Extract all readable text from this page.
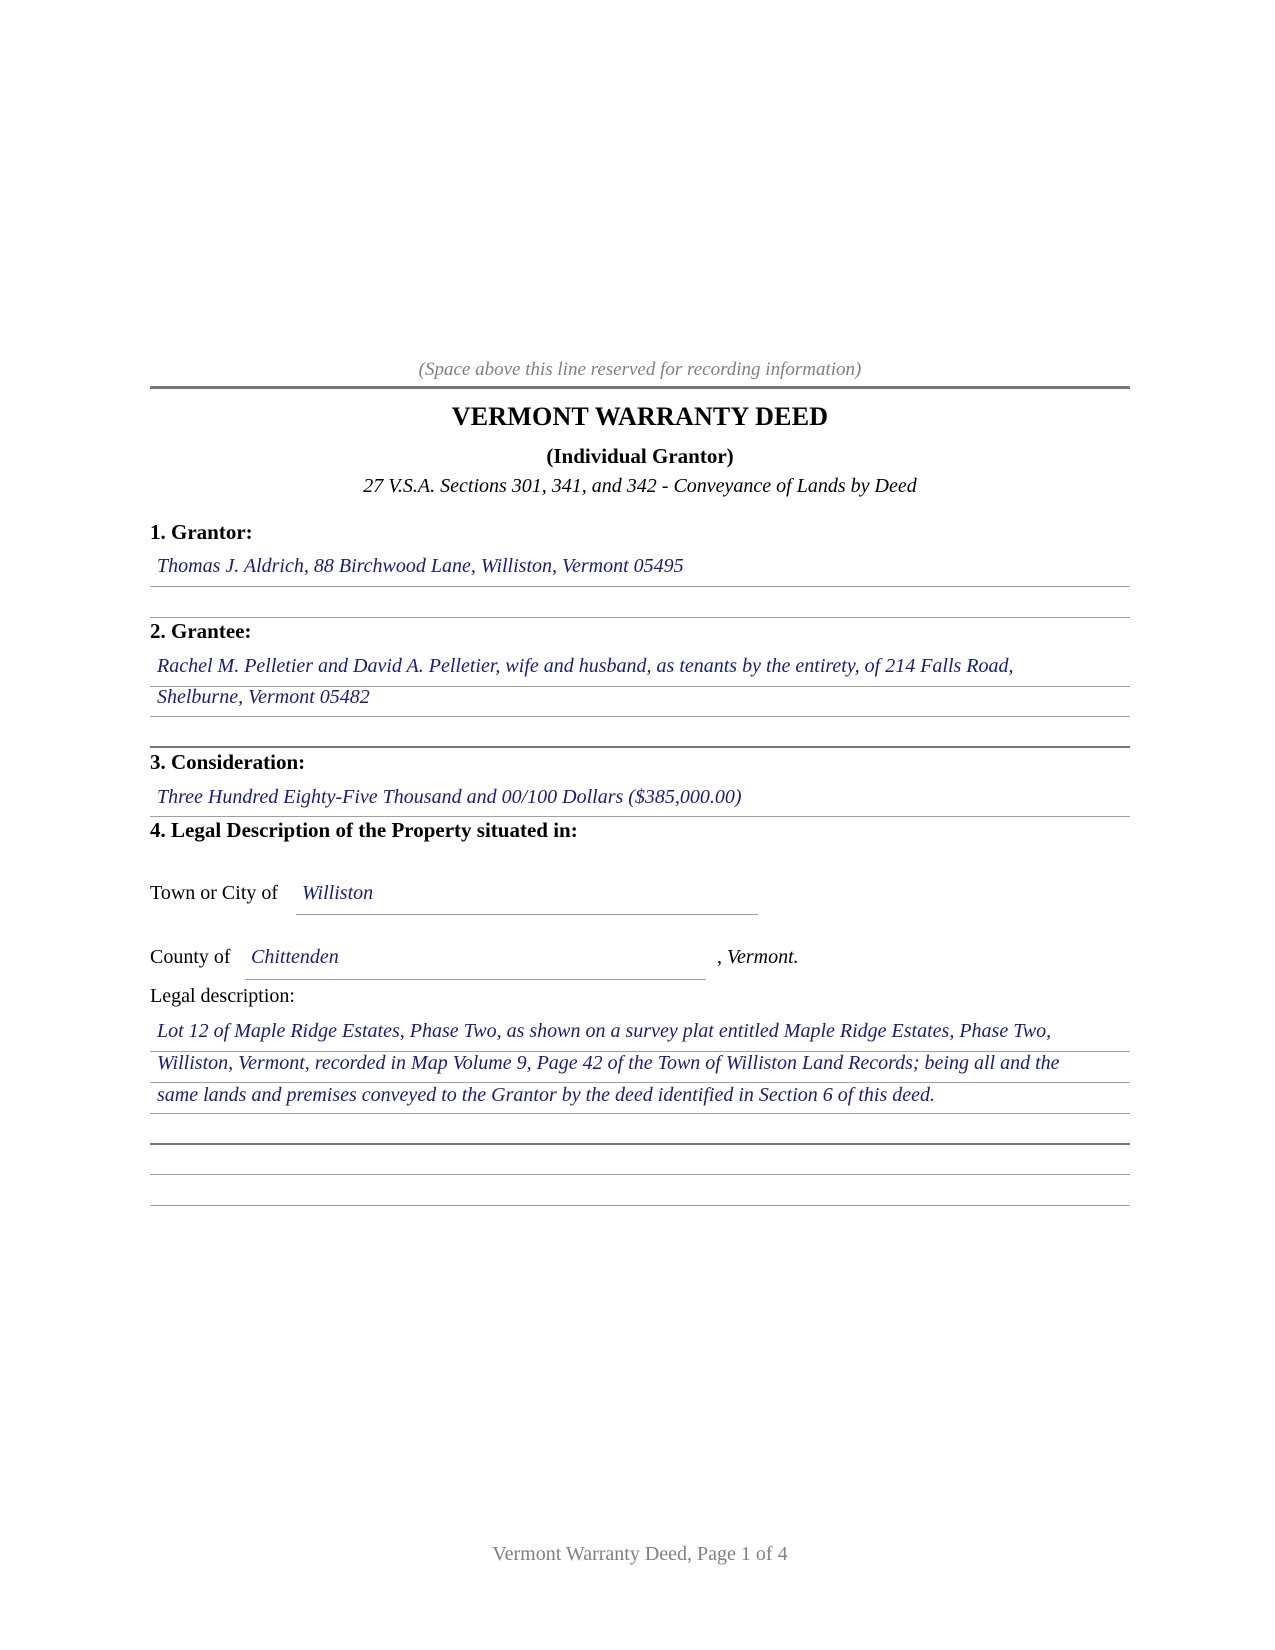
(Space above this line reserved for recording information)
VERMONT WARRANTY DEED
(Individual Grantor)
27 V.S.A. Sections 301, 341, and 342 - Conveyance of Lands by Deed
1. Grantor:
Thomas J. Aldrich, 88 Birchwood Lane, Williston, Vermont 05495
2. Grantee:
Rachel M. Pelletier and David A. Pelletier, wife and husband, as tenants by the entirety, of 214 Falls Road,
Shelburne, Vermont 05482
3. Consideration:
Three Hundred Eighty-Five Thousand and 00/100 Dollars ($385,000.00)
4. Legal Description of the Property situated in:
Town or City of Williston
County of Chittenden	, Vermont.
Legal description:
Lot 12 of Maple Ridge Estates, Phase Two, as shown on a survey plat entitled Maple Ridge Estates, Phase Two,
Williston, Vermont, recorded in Map Volume 9, Page 42 of the Town of Williston Land Records; being all and the
same lands and premises conveyed to the Grantor by the deed identified in Section 6 of this deed.
Vermont Warranty Deed, Page 1 of 4
